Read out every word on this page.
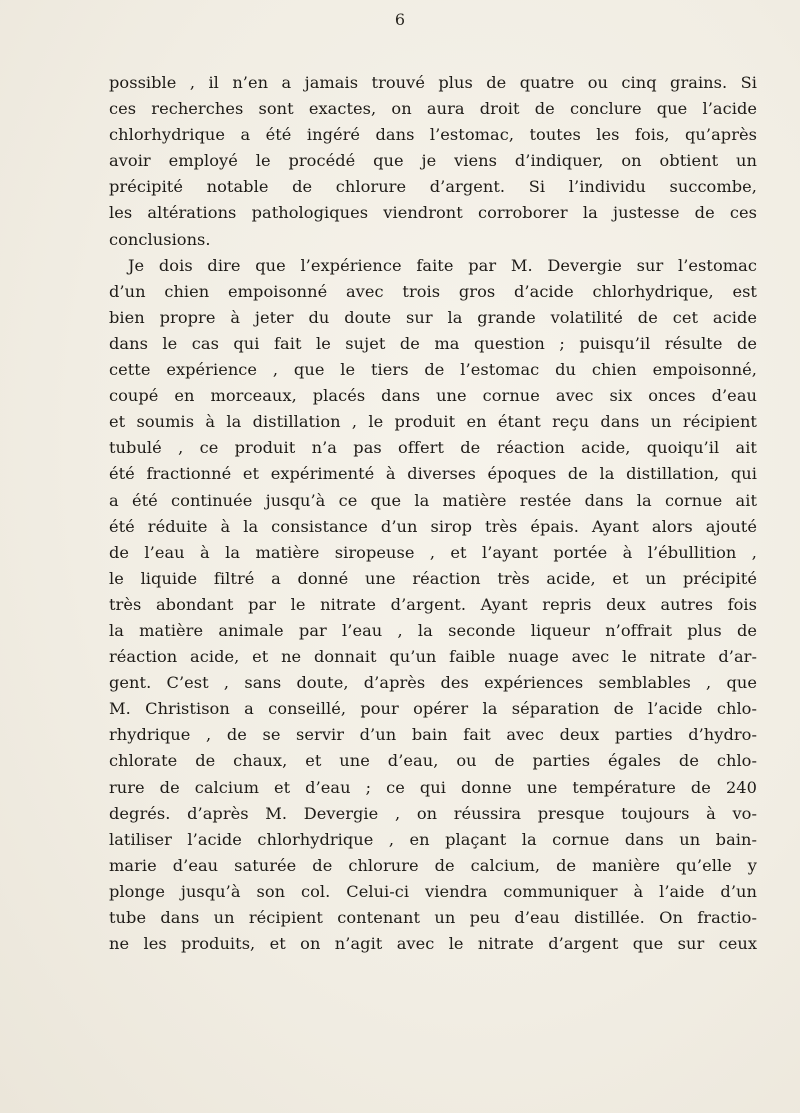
6
possible , il n’en a jamais trouvé plus de quatre ou cinq grains. Si
ces recherches sont exactes, on aura droit de conclure que l’acide
chlorhydrique a été ingéré dans l’estomac, toutes les fois, qu’après
avoir employé le procédé que je viens d’indiquer, on obtient un
précipité notable de chlorure d’argent. Si l’individu succombe,
les altérations pathologiques viendront corroborer la justesse de ces
conclusions.
Je dois dire que l’expérience faite par M. Devergie sur l’estomac
d’un chien empoisonné avec trois gros d’acide chlorhydrique, est
bien propre à jeter du doute sur la grande volatilité de cet acide
dans le cas qui fait le sujet de ma question ; puisqu’il résulte de
cette expérience , que le tiers de l’estomac du chien empoisonné,
coupé en morceaux, placés dans une cornue avec six onces d’eau
et soumis à la distillation , le produit en étant reçu dans un récipient
tubulé , ce produit n’a pas offert de réaction acide, quoiqu’il ait
été fractionné et expérimenté à diverses époques de la distillation, qui
a été continuée jusqu’à ce que la matière restée dans la cornue ait
été réduite à la consistance d’un sirop très épais. Ayant alors ajouté
de l’eau à la matière siropeuse , et l’ayant portée à l’ébullition ,
le liquide filtré a donné une réaction très acide, et un précipité
très abondant par le nitrate d’argent. Ayant repris deux autres fois
la matière animale par l’eau , la seconde liqueur n’offrait plus de
réaction acide, et ne donnait qu’un faible nuage avec le nitrate d’ar-
gent. C’est , sans doute, d’après des expériences semblables , que
M. Christison a conseillé, pour opérer la séparation de l’acide chlo-
rhydrique , de se servir d’un bain fait avec deux parties d’hydro-
chlorate de chaux, et une d’eau, ou de parties égales de chlo-
rure de calcium et d’eau ; ce qui donne une température de 240
degrés. d’après M. Devergie , on réussira presque toujours à vo-
latiliser l’acide chlorhydrique , en plaçant la cornue dans un bain-
marie d’eau saturée de chlorure de calcium, de manière qu’elle y
plonge jusqu’à son col. Celui-ci viendra communiquer à l’aide d’un
tube dans un récipient contenant un peu d’eau distillée. On fractio-
ne les produits, et on n’agit avec le nitrate d’argent que sur ceux
